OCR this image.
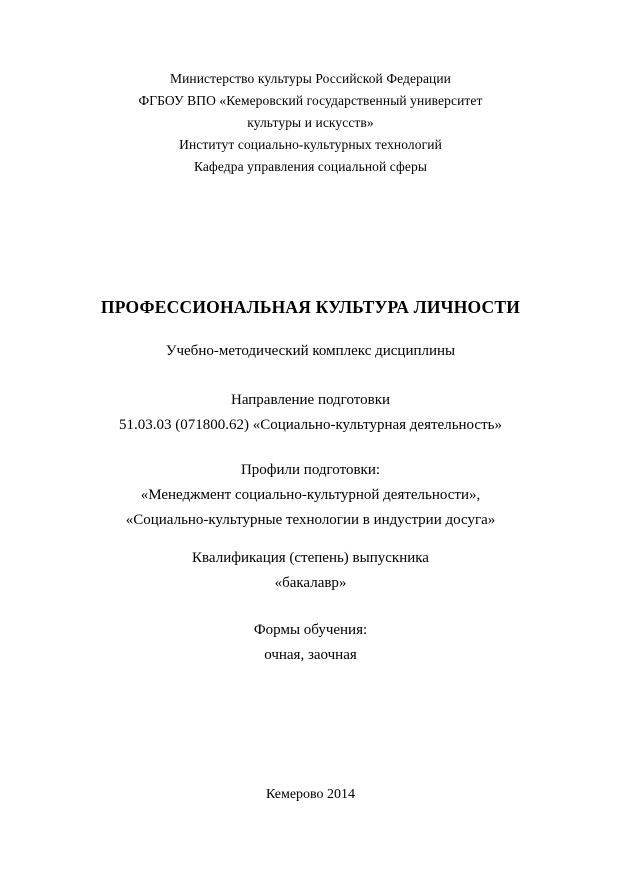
Министерство культуры Российской Федерации
ФГБОУ ВПО «Кемеровский государственный университет
культуры и искусств»
Институт социально-культурных технологий
Кафедра управления социальной сферы
ПРОФЕССИОНАЛЬНАЯ КУЛЬТУРА ЛИЧНОСТИ
Учебно-методический комплекс дисциплины
Направление подготовки
51.03.03 (071800.62) «Социально-культурная деятельность»
Профили подготовки:
«Менеджмент социально-культурной деятельности»,
«Социально-культурные технологии в индустрии досуга»
Квалификация (степень) выпускника
«бакалавр»
Формы обучения:
очная, заочная
Кемерово 2014
